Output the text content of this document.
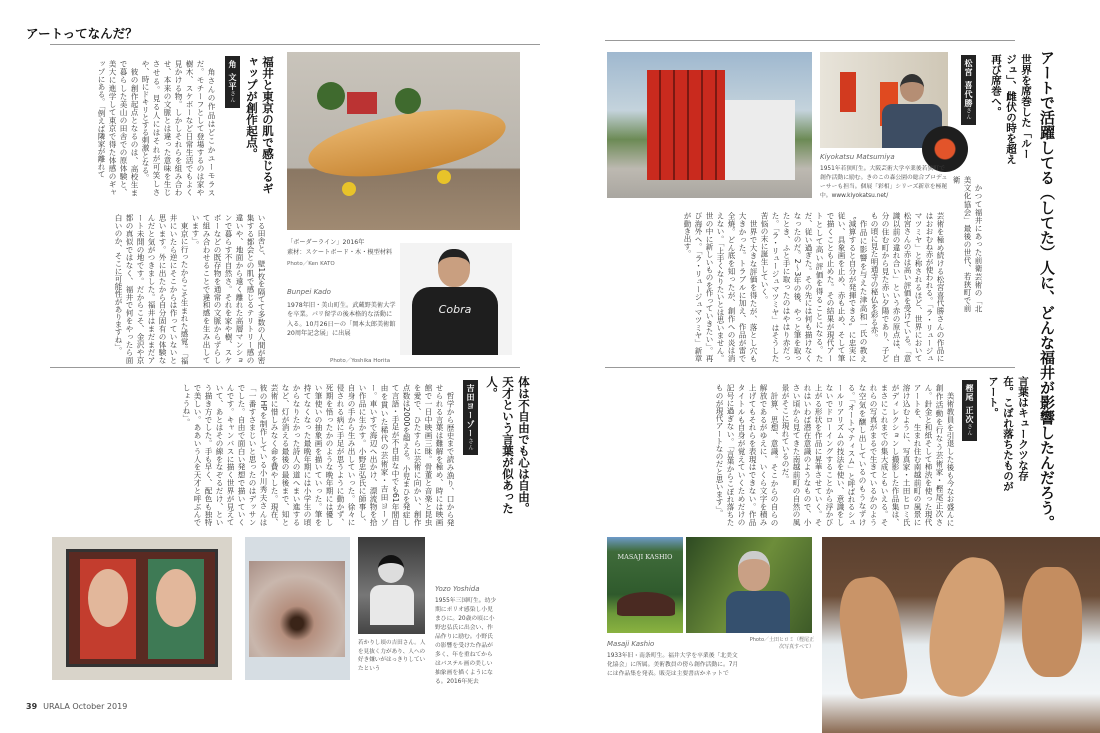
アートってなんだ？
福井と東京の肌で感じるギャップが創作起点。
角 文平さん

角さんの作品はどこかユーモラスだ。モチーフとして登場するのは家や樹木、スケボーなど日常生活でもよく見かける物。しかしそれらを組み合わせ、本来の文脈とは違った意味を生じさせる。見る人にはそれが可笑しさや、時にドキリとする刺激となる。

彼の創作起点となるのは、高校生まで暮らした美山の田舎での原体験と、美大に進学して東京で得た体感のギャップにある。「例えば隣家が離れて

いる田舎と、壁1枚を隔てて多数の人間が密集する都会との肌で感じるテリトリー感の違いや、地面から遠く離れた高層マンションで暮らす不自然さ。それを家や樹、スケボーなどの既存物を通常の文脈からずらして組み合わせることで違和感を生み出しています」。

東京に行ったからこそ生まれた感覚。「福井にいたら逆にそこからは作っていないと思います。外に出たから自分固有の体験なんだと気がつきました。福井はまだまだアート未開の地です。だからこそ、金沢や京都の真似ではなく、福井で何をやったら面白いのか、そこに可能性がありますね」。	「ボーダーライン」2016年
素材：スケートボード・木・模型材料
Photo／Ken KATO
Bunpei Kado
1978年旧・美山町生。武蔵野美術大学を卒業。パリ留学の後本格的な活動に入る。10月26日〜の「岡本太郎美術館20周年記念展」に出展
Cobra
Photo／Yoshika Horita
体は不自由でも心は自由。天才という言葉が似あった人。
吉田ヨーゾーさん

哲学から歴史まで読み漁り、口から発せられる言葉は難解を極め、時には映画館で一日中映画三昧。骨董と音楽と昆虫を愛で、ひたすらに芸術に向かい、創作点数は2000を超える。小児まひを発症して言語・手足が不自由な中でも61年間自由を貫いた稀代の芸術家・吉田ヨーゾー。車いすで海辺へ出かけ、漂流物を拾い作品に生かす。小野忠弘氏に師事し、自身の手から生み出していった。徐々に侵される病に手足が思うように動かず、死期を悟ったかのような晩年期には優しい筆使いの抽象画を描いていった。筆を持てなくなった最晩年期には小学生の頃からなりたかった詩人の道へまい進するなど、灯が消える最後の最後まで、知と芸術に惜しみなく命を費やした。現在、彼のHPを制作している小川秀夫さんは「一番すさまじいと思ったのはデッサンでした。自由で面白い発想で描いていくんです。キャンバスに描く世界が見えていて、あとはその線をなぞるだけ、という描き方でした。手も早く、配色も独特で美しい。ああいう人を天才と呼ぶんでしょうね」。

若かりし頃の吉田さん。人を見抜く力があり、人への好き嫌いがはっきりしていたという
Yozo Yoshida
1955年三国町生。幼少期にポリオ感染し小児まひに。20歳の頃に小野忠弘氏に出会い、作品作りに励む。小野氏の影響を受けた作品が多く、年を重ねてからはパステル画の美しい抽象画を描くようになる。2016年死去
39 URALA October 2019
アートで活躍してる（してた）人に、どんな福井が影響したんだろう。
世界を席巻した「ルージュ」、雌伏の時を超え再び席巻へ。
松宮 喜代勝さん
Kiyokatsu Matsumiya
1951年若狭町生。大阪芸術大学卒業後若狭町で創作活動に励む。きのこの森公園の総合プロデューサーも担当。個展「彩相」シリーズ新章を極秘中。www.kiyokatsu.net/	かつて福井にあった前衛芸術の「北美文化協会」最後の世代、若狭町で前衛

芸術を極め続ける松宮喜代勝さんの作品にはおおむね赤が使われる。「ラ・リュージュマツミヤ」と称されるほど、世界において松宮さんの赤は高い評価を受けている。「意識以前の違れ合い」という赤の原点は、自分の住む町から見た赤い夕陽であり、子どもの頃に見た明通寺の秘仏を彩る赤。

作品に影響を与えた津高和一氏の教え〝減算すると自分が発揮できる〟に忠実に従い、具象画を止め、赤も止め、そして筆で描くことも止めた。その結果が現代アートとして高い評価を得ることになる。ただ、従い過ぎた。その先には何も描けなくなったのだ。2〜3年の後、やっと筆を取ったとき、ふと手に取ったのはやはり赤だった。「ラ・リュージュマツミヤ」はそうした苦悩の末に誕生していく。

世界で大きな評価を得たが、落とし穴も大きかった。トラブルに加え、作品が雷で全焼。どん底を知ったが、創作への炎は消えない。「上手くなりたいとは思いません。世の中に新しいものを作っていきたい」。再び海外へ。「ラ・リュージュマツミヤ」新章が動き出す。

言葉はキュークツな存在。こぼれ落ちたものがアート。
樫尾 正次さん

美術教員を引退した後も今なお盛んに創作活動を行なう芸術家・樫尾正次さん。針金と和紙そして柿渋を使った現代アートを、生まれ住む南越前町の風景に溶け込むように、写真家・土田ヒロミ氏がディレクションし撮影した作品集は、まさにこれまでの集大成ともいえる。それらの写真がまるで生きているかのような空気を醸し出しているのもうなずける。「オートマティスム」と呼ばれるシュールリアリズムの技法を使い、意識をしないでドローイングすることから浮かび上がる形状を作品に昇華させていく。それはいわば潜在意識のようなもので、小さい頃から見てきた南越前町の自然の風景がそこに現れているのだ。

計算、思想、意識。そこからの自らの解放であるがゆえに、いくら文字を積み上げてもそれらを表現はできない。作品タイトルも自身が覚えていくためだけの記号に過ぎない。「言葉からこぼれ落ちたものが現代アートなのだと思います」。

MASAJI KASHIO
Photo／土田ヒロミ（樫尾正次写真すべて）
Masaji Kashio
1933年旧・南条町生。福井大学を卒業後「北美文化協会」に所属。美術教員の傍ら創作活動に。7月には作品集を発表。販売は主要書店かネットで
